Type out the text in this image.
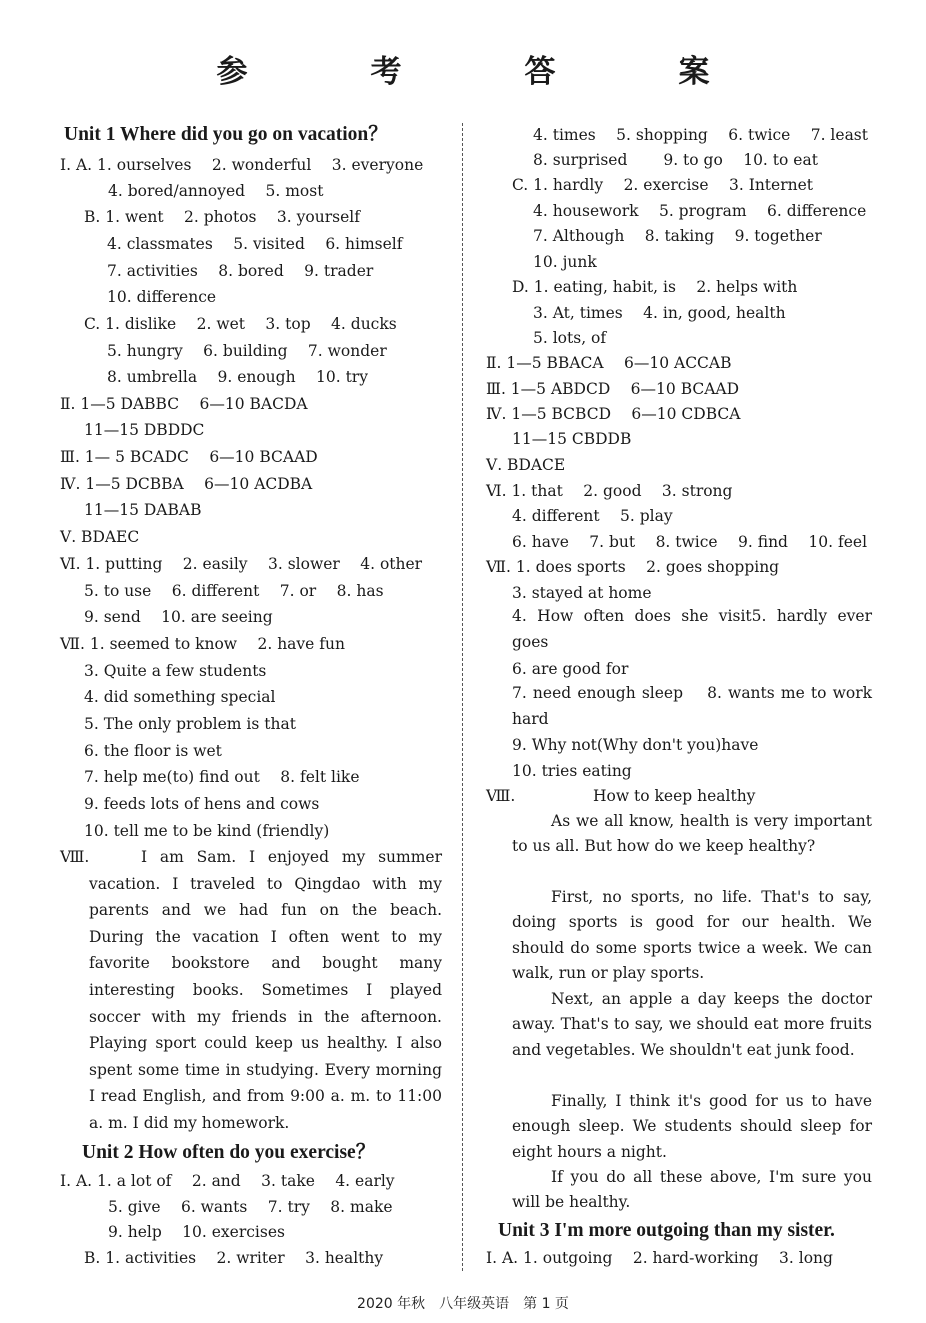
参　考　答　案
Unit 1 Where did you go on vacation？
Ⅰ. A. 1. ourselves　 2. wonderful　 3. everyone
4. bored/annoyed　 5. most
B. 1. went　 2. photos　 3. yourself
4. classmates　 5. visited　 6. himself
7. activities　 8. bored　 9. trader
10. difference
C. 1. dislike　 2. wet　 3. top　 4. ducks
5. hungry　 6. building　 7. wonder
8. umbrella　 9. enough　 10. try
Ⅱ. 1—5 DABBC　 6—10 BACDA
11—15 DBDDC
Ⅲ. 1— 5 BCADC　 6—10 BCAAD
Ⅳ. 1—5 DCBBA　 6—10 ACDBA
11—15 DABAB
Ⅴ. BDAEC
Ⅵ. 1. putting　 2. easily　 3. slower　 4. other
5. to use　 6. different　 7. or　 8. has
9. send　 10. are seeing
Ⅶ. 1. seemed to know　 2. have fun
3. Quite a few students
4. did something special
5. The only problem is that
6. the floor is wet
7. help me(to) find out　 8. felt like
9. feeds lots of hens and cows
10. tell me to be kind (friendly)
Ⅷ.	I am Sam. I enjoyed my summer vacation. I traveled to Qingdao with my parents and we had fun on the beach. During the vacation I often went to my favorite bookstore and bought many interesting books. Sometimes I played soccer with my friends in the afternoon. Playing sport could keep us healthy. I also spent some time in studying. Every morning I read English, and from 9:00 a. m. to 11:00 a. m. I did my homework.
Unit 2 How often do you exercise？
Ⅰ. A. 1. a lot of　 2. and　 3. take　 4. early
5. give　 6. wants　 7. try　 8. make
9. help　 10. exercises
B. 1. activities　 2. writer　 3. healthy
4. times　 5. shopping　 6. twice　 7. least
8. surprised　　 9. to go　 10. to eat
C. 1. hardly　 2. exercise　 3. Internet
4. housework　 5. program　 6. difference
7. Although　 8. taking　 9. together
10. junk
D. 1. eating, habit, is　 2. helps with
3. At, times　 4. in, good, health
5. lots, of
Ⅱ. 1—5 BBACA　 6—10 ACCAB
Ⅲ. 1—5 ABDCD　 6—10 BCAAD
Ⅳ. 1—5 BCBCD　 6—10 CDBCA
11—15 CBDDB
Ⅴ. BDACE
Ⅵ. 1. that　 2. good　 3. strong
4. different　 5. play
6. have　 7. but　 8. twice　 9. find　 10. feel
Ⅶ. 1. does sports　 2. goes shopping
3. stayed at home
4. How often does she visit5. hardly ever goes
6. are good for
7. need enough sleep　 8. wants me to work hard
9. Why not(Why don't you)have
10. tries eating
Ⅷ.	How to keep healthy
As we all know, health is very important to us all. But how do we keep healthy?
First, no sports, no life. That's to say, doing sports is good for our health. We should do some sports twice a week. We can walk, run or play sports.
Next, an apple a day keeps the doctor away. That's to say, we should eat more fruits and vegetables. We shouldn't eat junk food.
Finally, I think it's good for us to have enough sleep. We students should sleep for eight hours a night.
If you do all these above, I'm sure you will be healthy.
Unit 3 I'm more outgoing than my sister.
Ⅰ. A. 1. outgoing　 2. hard-working　 3. long
2020 年秋　八年级英语　第 1 页
